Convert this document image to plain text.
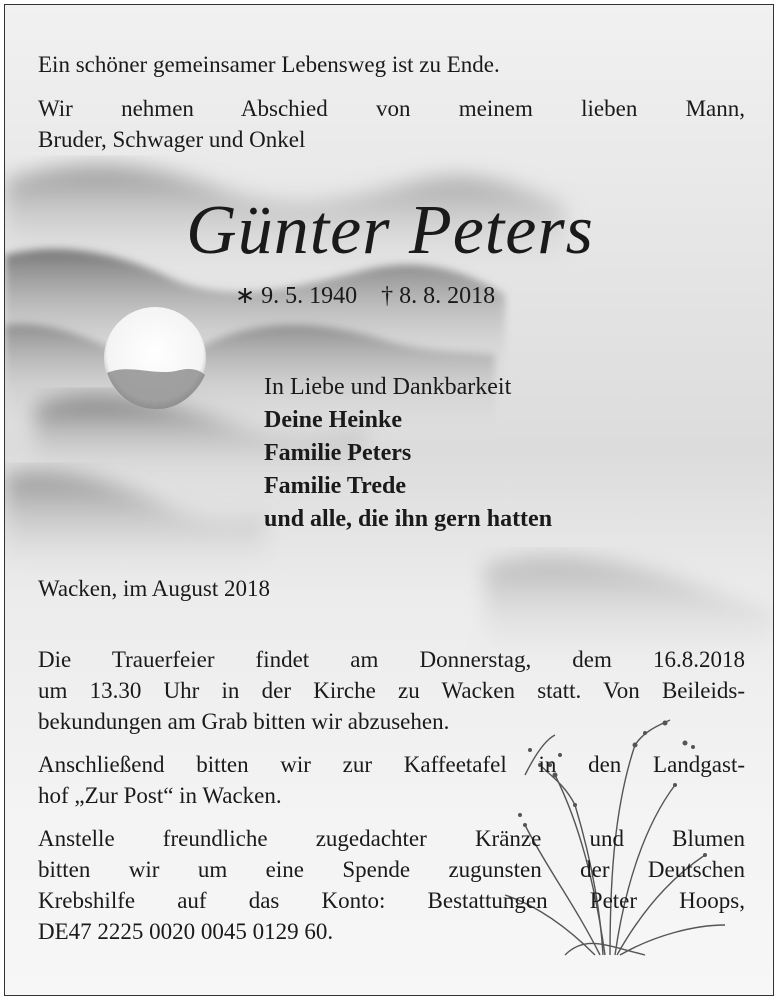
Ein schöner gemeinsamer Lebensweg ist zu Ende.
Wir nehmen Abschied von meinem lieben Mann,
Bruder, Schwager und Onkel
Günter Peters
∗ 9. 5. 1940 † 8. 8. 2018
In Liebe und Dankbarkeit
Deine Heinke
Familie Peters
Familie Trede
und alle, die ihn gern hatten
Wacken, im August 2018
Die Trauerfeier findet am Donnerstag, dem 16.8.2018
um 13.30 Uhr in der Kirche zu Wacken statt. Von Beileids-
bekundungen am Grab bitten wir abzusehen.
Anschließend bitten wir zur Kaffeetafel in den Landgast-
hof „Zur Post“ in Wacken.
Anstelle freundliche zugedachter Kränze und Blumen
bitten wir um eine Spende zugunsten der Deutschen
Krebshilfe auf das Konto: Bestattungen Peter Hoops,
DE47 2225 0020 0045 0129 60.
